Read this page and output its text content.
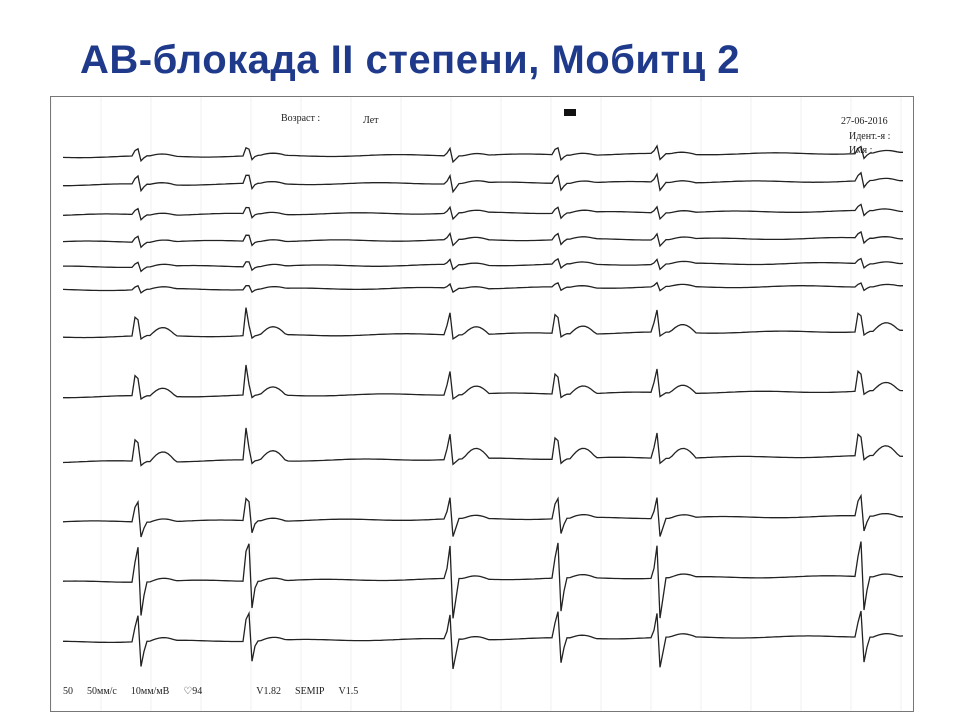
АВ-блокада II степени, Мобитц 2
Возраст :	Лет	27-06-2016
Идент.-я :
Имя :
50 50мм/с 10мм/мВ ♡94	V1.82 SEMIP V1.5
